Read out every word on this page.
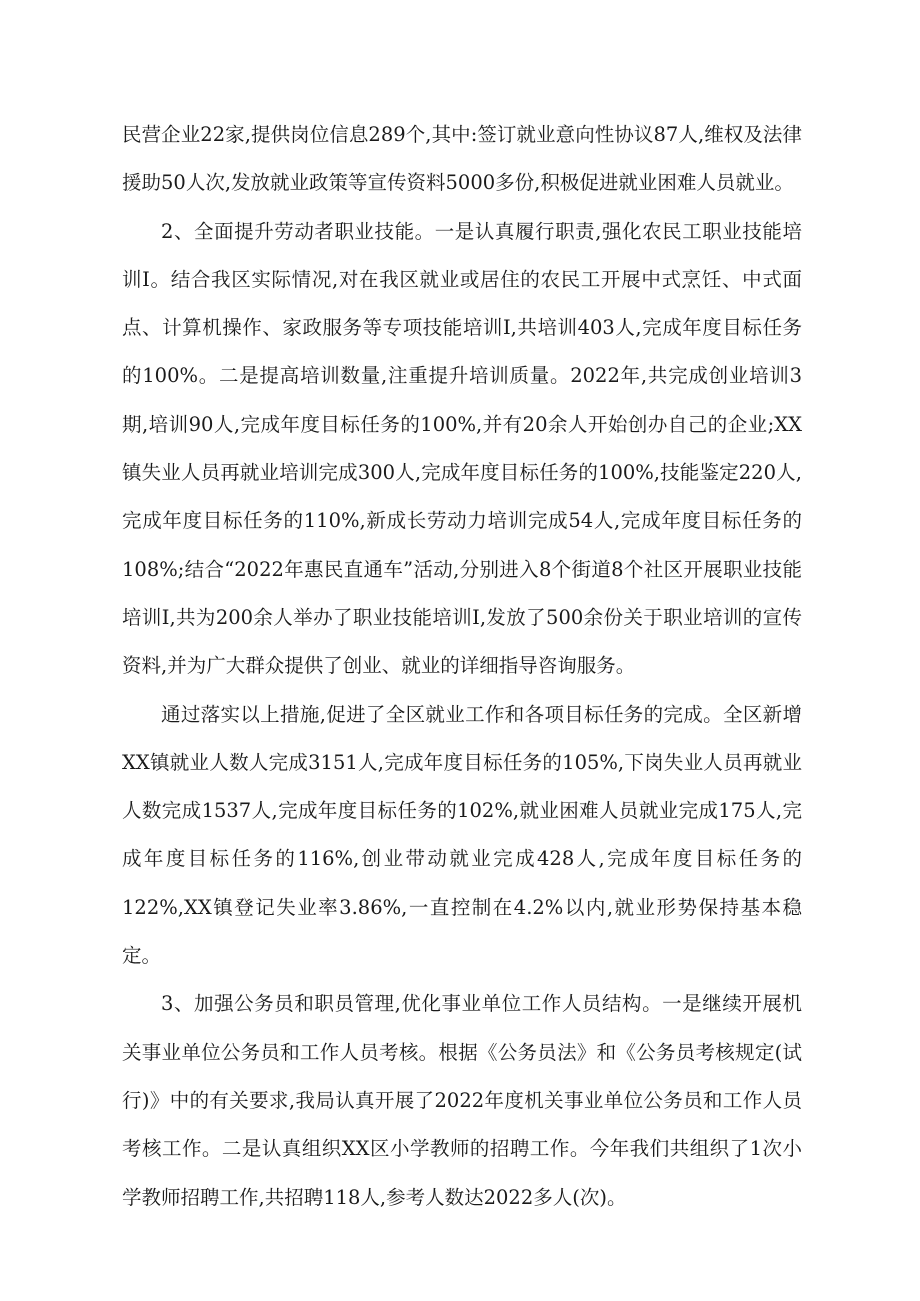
民营企业22家,提供岗位信息289个,其中:签订就业意向性协议87人,维权及法律援助50人次,发放就业政策等宣传资料5000多份,积极促进就业困难人员就业。

2、全面提升劳动者职业技能。一是认真履行职责,强化农民工职业技能培训I。结合我区实际情况,对在我区就业或居住的农民工开展中式烹饪、中式面点、计算机操作、家政服务等专项技能培训I,共培训403人,完成年度目标任务的100%。二是提高培训数量,注重提升培训质量。2022年,共完成创业培训3期,培训90人,完成年度目标任务的100%,并有20余人开始创办自己的企业;XX镇失业人员再就业培训完成300人,完成年度目标任务的100%,技能鉴定220人,完成年度目标任务的110%,新成长劳动力培训完成54人,完成年度目标任务的108%;结合“2022年惠民直通车”活动,分别进入8个街道8个社区开展职业技能培训I,共为200余人举办了职业技能培训I,发放了500余份关于职业培训的宣传资料,并为广大群众提供了创业、就业的详细指导咨询服务。

通过落实以上措施,促进了全区就业工作和各项目标任务的完成。全区新增XX镇就业人数人完成3151人,完成年度目标任务的105%,下岗失业人员再就业人数完成1537人,完成年度目标任务的102%,就业困难人员就业完成175人,完成年度目标任务的116%,创业带动就业完成428人,完成年度目标任务的122%,XX镇登记失业率3.86%,一直控制在4.2%以内,就业形势保持基本稳定。

3、加强公务员和职员管理,优化事业单位工作人员结构。一是继续开展机关事业单位公务员和工作人员考核。根据《公务员法》和《公务员考核规定(试行)》中的有关要求,我局认真开展了2022年度机关事业单位公务员和工作人员考核工作。二是认真组织XX区小学教师的招聘工作。今年我们共组织了1次小学教师招聘工作,共招聘118人,参考人数达2022多人(次)。
